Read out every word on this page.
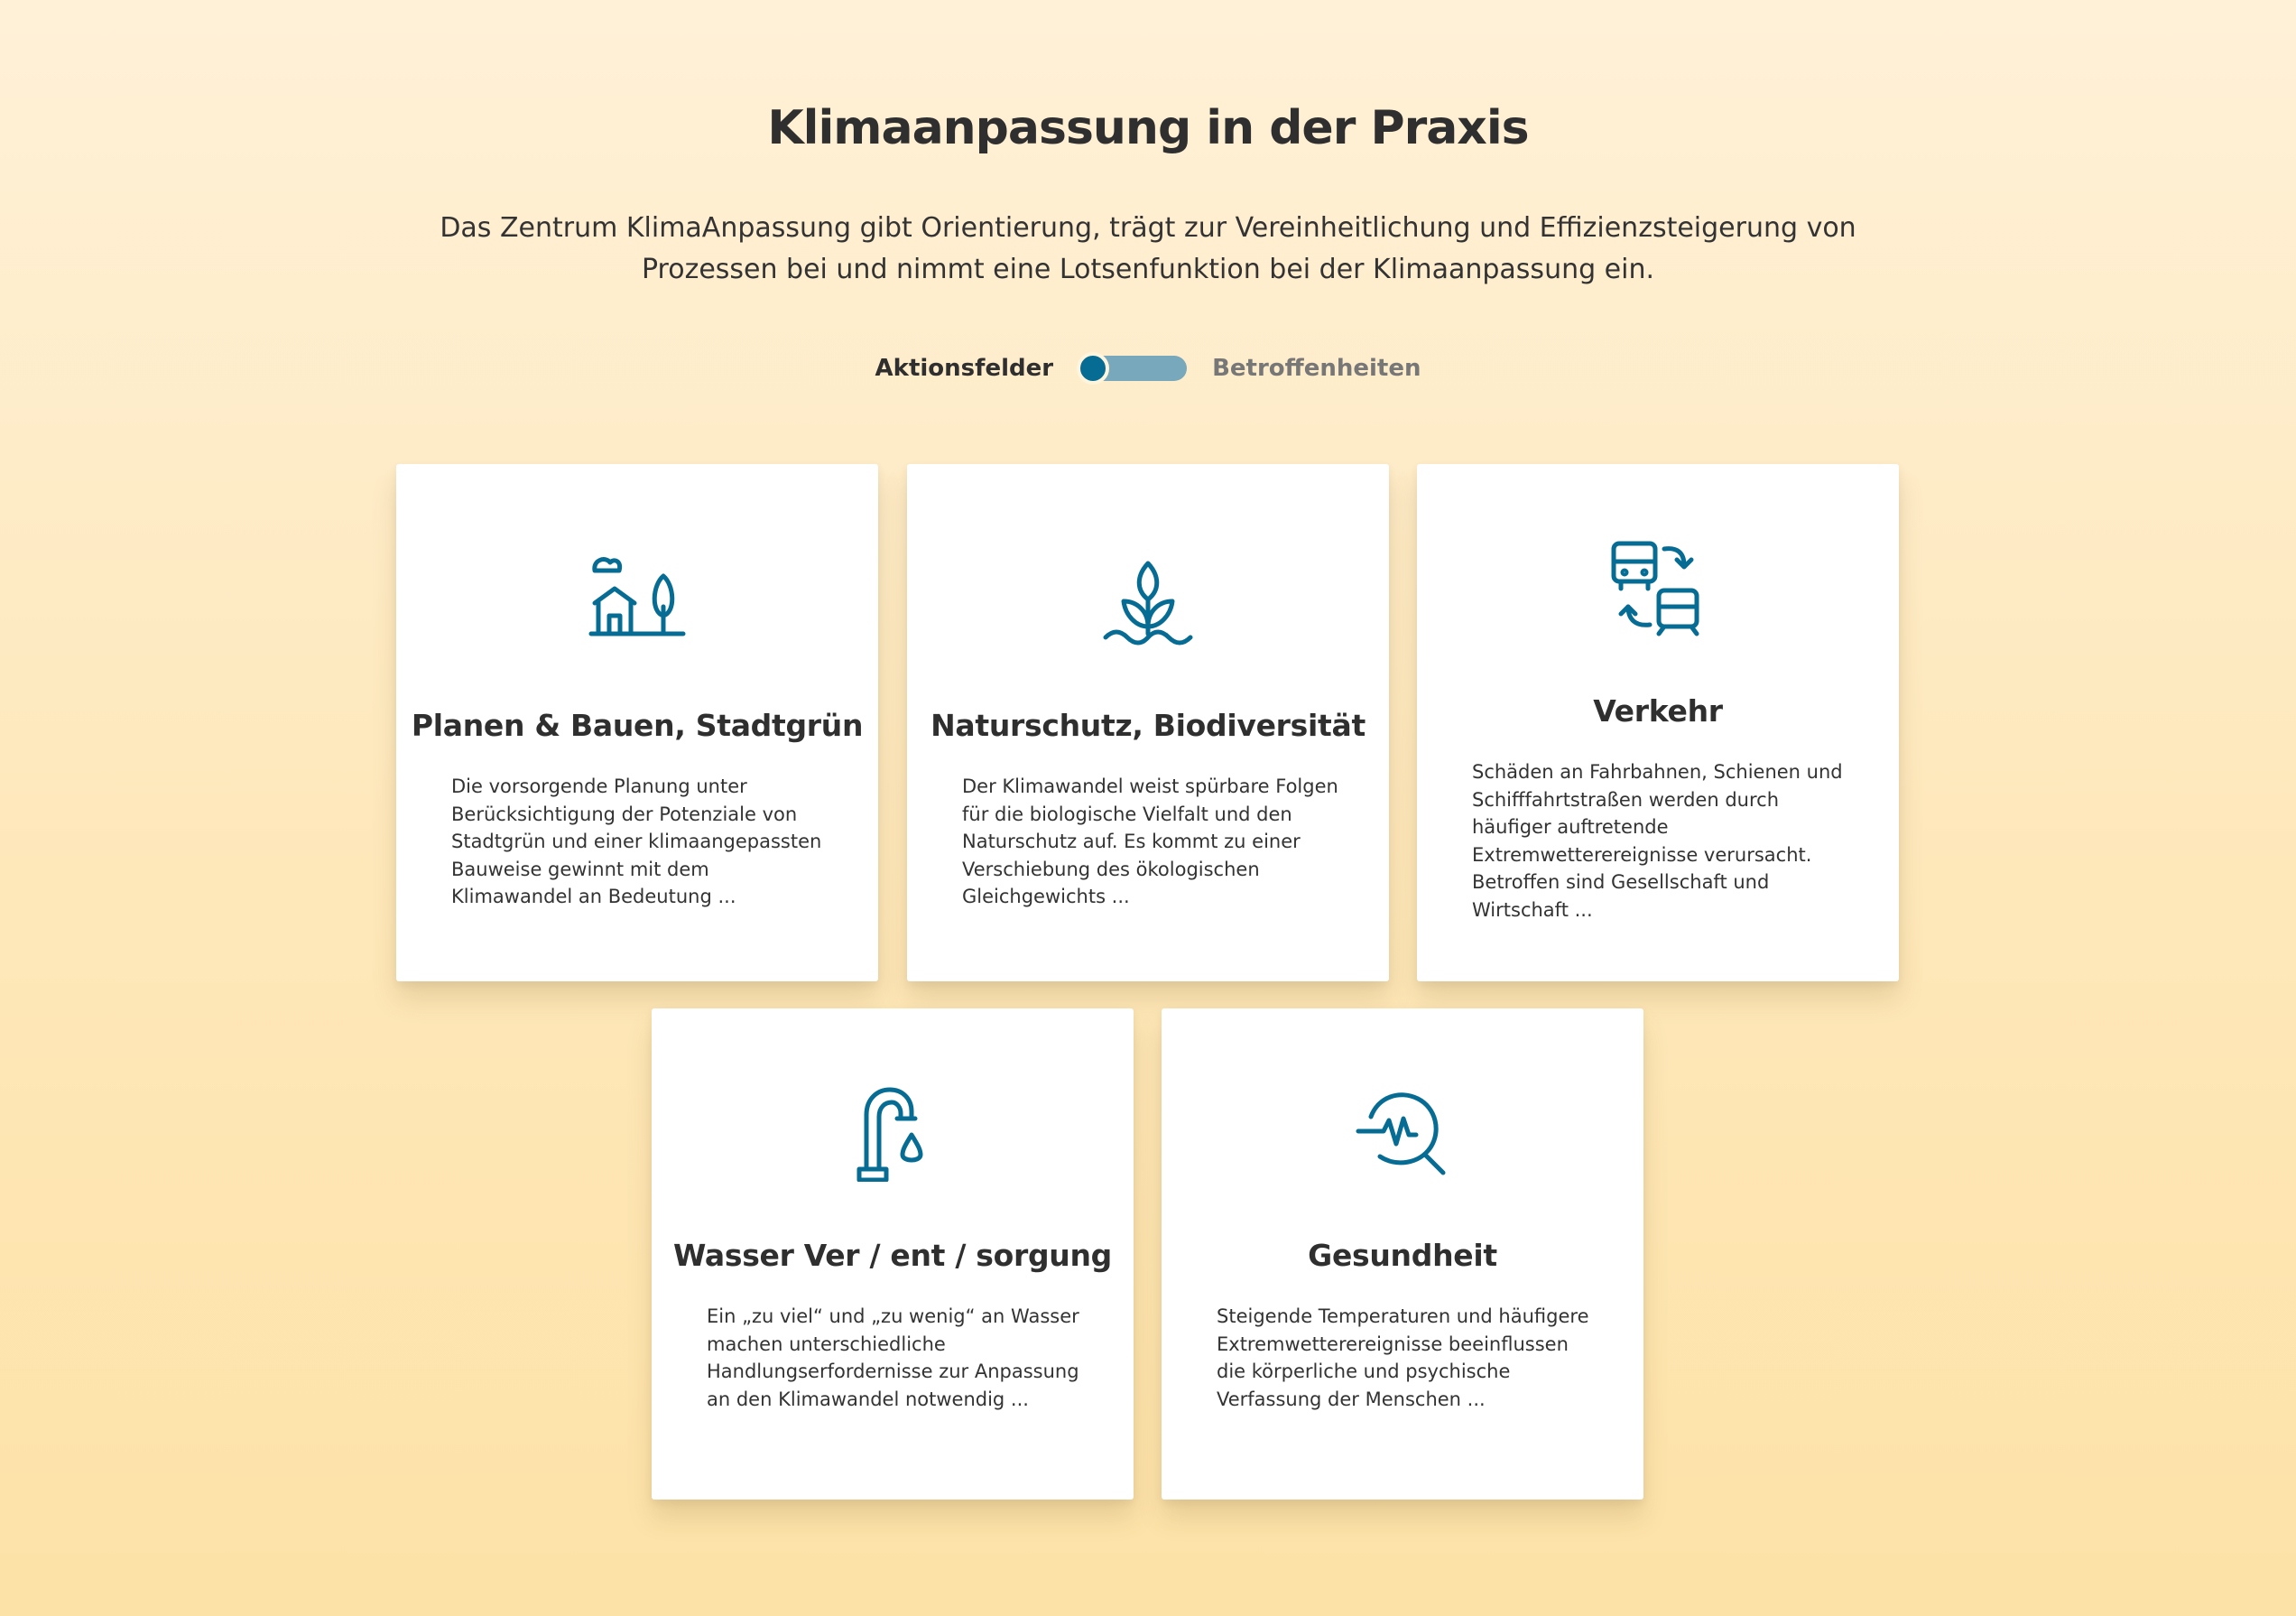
Klimaanpassung in der Praxis

Das Zentrum KlimaAnpassung gibt Orientierung, trägt zur Vereinheitlichung und Effizienzsteigerung von Prozessen bei und nimmt eine Lotsenfunktion bei der Klimaanpassung ein.

Aktionsfelder	Betroffenheiten
Planen & Bauen, Stadtgrün

Die vorsorgende Planung unter Berücksichtigung der Potenziale von Stadtgrün und einer klimaangepassten Bauweise gewinnt mit dem Klimawandel an Bedeutung ...

Naturschutz, Biodiversität

Der Klimawandel weist spürbare Folgen für die biologische Vielfalt und den Naturschutz auf. Es kommt zu einer Verschiebung des ökologischen Gleichgewichts ...

Verkehr

Schäden an Fahrbahnen, Schienen und Schifffahrtstraßen werden durch häufiger auftretende Extremwetterereignisse verursacht. Betroffen sind Gesellschaft und Wirtschaft ...

Wasser Ver / ent / sorgung

Ein „zu viel“ und „zu wenig“ an Wasser machen unterschiedliche Handlungserfordernisse zur Anpassung an den Klimawandel notwendig ...

Gesundheit

Steigende Temperaturen und häufigere Extremwetterereignisse beeinflussen die körperliche und psychische Verfassung der Menschen ...
